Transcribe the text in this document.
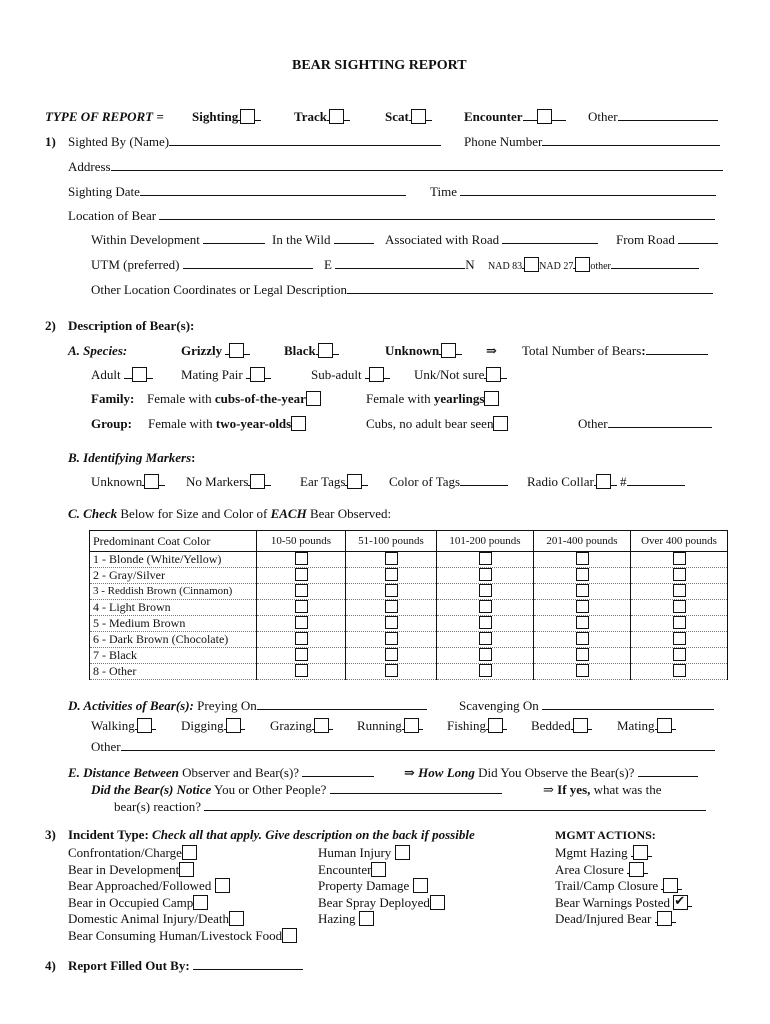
BEAR SIGHTING REPORT
TYPE OF REPORT = Sighting	Track	Scat	Encounter	Other
1) Sighted By (Name)	Phone Number
Address
Sighting Date	Time
Location of Bear
Within Development	In the Wild	Associated with Road	From Road
UTM (preferred)	E	N NAD 83 NAD 27 other
Other Location Coordinates or Legal Description
2) Description of Bear(s):
A. Species:	Grizzly	Black	Unknown	⇒ Total Number of Bears:
Adult	Mating Pair	Sub-adult	Unk/Not sure
Family: Female with cubs-of-the-year	Female with yearlings
Group: Female with two-year-olds	Cubs, no adult bear seen	Other
B. Identifying Markers:
Unknown	No Markers	Ear Tags	Color of Tags	Radio Collar #
C. Check Below for Size and Color of EACH Bear Observed:
Predominant Coat Color	10-50 pounds	51-100 pounds	101-200 pounds	201-400 pounds	Over 400 pounds
1 - Blonde (White/Yellow)					
2 - Gray/Silver					
3 - Reddish Brown (Cinnamon)					
4 - Light Brown					
5 - Medium Brown					
6 - Dark Brown (Chocolate)					
7 - Black					
8 - Other					
D. Activities of Bear(s): Preying On	Scavenging On
Walking	Digging	Grazing	Running	Fishing	Bedded	Mating
Other
E. Distance Between Observer and Bear(s)?	⇒ How Long Did You Observe the Bear(s)?
Did the Bear(s) Notice You or Other People?	⇒ If yes, what was the
bear(s) reaction?
3) Incident Type: Check all that apply. Give description on the back if possible	MGMT ACTIONS:
Confrontation/Charge
Bear in Development
Bear Approached/Followed
Bear in Occupied Camp
Domestic Animal Injury/Death
Bear Consuming Human/Livestock Food
Human Injury
Encounter
Property Damage
Bear Spray Deployed
Hazing
Mgmt Hazing
Area Closure
Trail/Camp Closure
Bear Warnings Posted ✔
Dead/Injured Bear
4) Report Filled Out By:
